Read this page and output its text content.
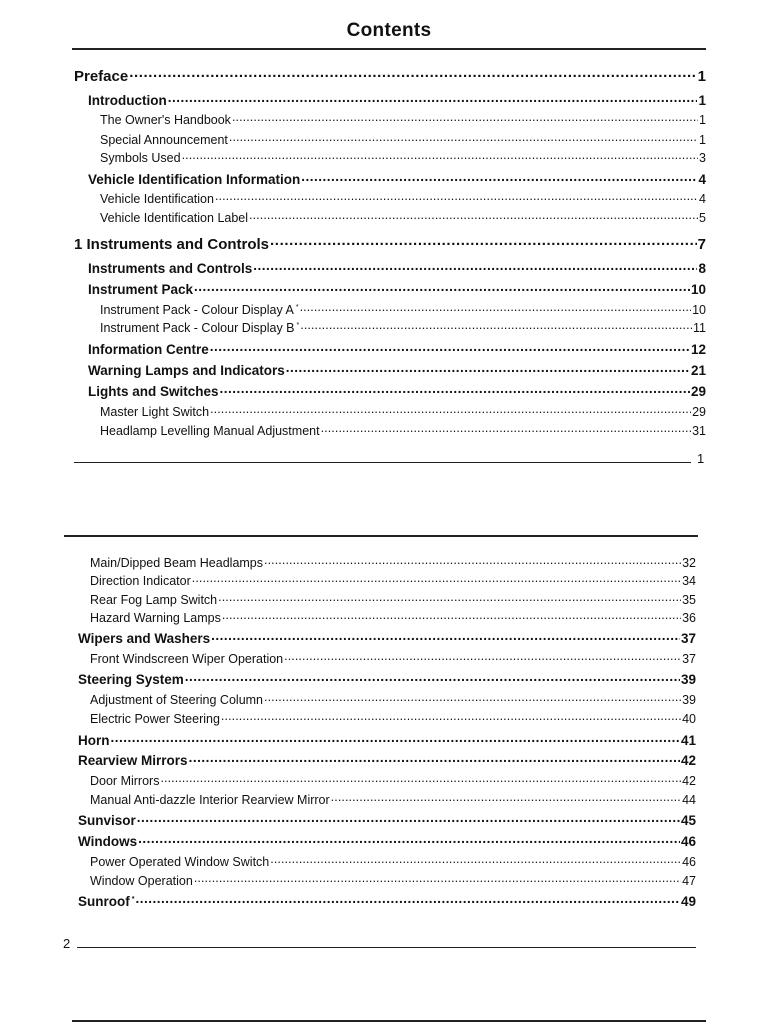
Contents
Preface .....	1
Introduction .....	1
The Owner's Handbook .....	1
Special Announcement .....	1
Symbols Used .....	3
Vehicle Identification Information .....	4
Vehicle Identification .....	4
Vehicle Identification Label .....	5
1 Instruments and Controls .....	7
Instruments and Controls .....	8
Instrument Pack .....	10
Instrument Pack - Colour Display A * .....	10
Instrument Pack - Colour Display B * .....	11
Information Centre .....	12
Warning Lamps and Indicators .....	21
Lights and Switches .....	29
Master Light Switch .....	29
Headlamp Levelling Manual Adjustment .....	31
1
Main/Dipped Beam Headlamps .....	32
Direction Indicator .....	34
Rear Fog Lamp Switch .....	35
Hazard Warning Lamps .....	36
Wipers and Washers .....	37
Front Windscreen Wiper Operation .....	37
Steering System .....	39
Adjustment of Steering Column .....	39
Electric Power Steering .....	40
Horn .....	41
Rearview Mirrors .....	42
Door Mirrors .....	42
Manual Anti-dazzle Interior Rearview Mirror .....	44
Sunvisor .....	45
Windows .....	46
Power Operated Window Switch .....	46
Window Operation .....	47
Sunroof * .....	49
2
